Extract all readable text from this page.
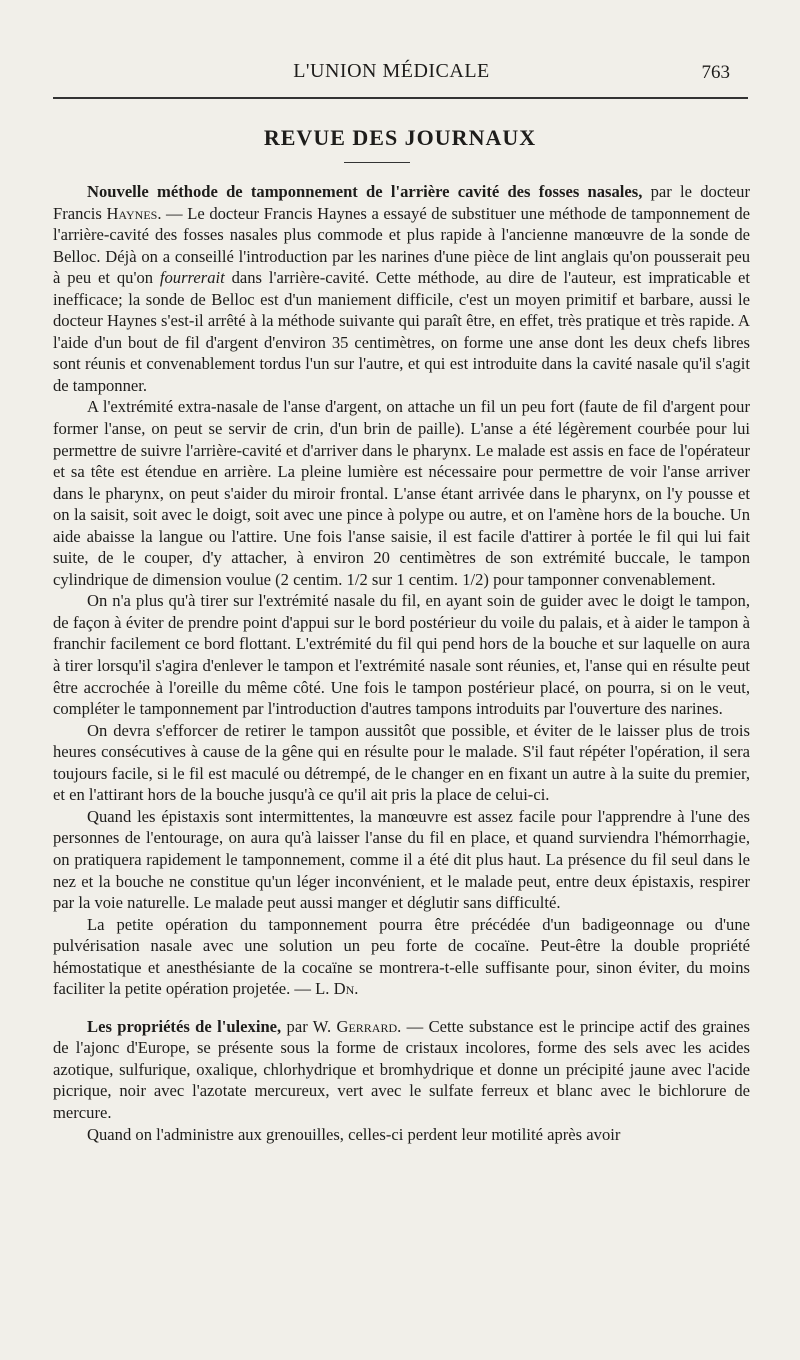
L'UNION MÉDICALE	763
REVUE DES JOURNAUX

Nouvelle méthode de tamponnement de l'arrière cavité des fosses nasales, par le docteur Francis Haynes. — Le docteur Francis Haynes a essayé de substituer une méthode de tamponnement de l'arrière-cavité des fosses nasales plus commode et plus rapide à l'ancienne manœuvre de la sonde de Belloc. Déjà on a conseillé l'introduction par les narines d'une pièce de lint anglais qu'on pousserait peu à peu et qu'on fourrerait dans l'arrière-cavité. Cette méthode, au dire de l'auteur, est impraticable et inefficace; la sonde de Belloc est d'un maniement difficile, c'est un moyen primitif et barbare, aussi le docteur Haynes s'est-il arrêté à la méthode suivante qui paraît être, en effet, très pratique et très rapide. A l'aide d'un bout de fil d'argent d'environ 35 centimètres, on forme une anse dont les deux chefs libres sont réunis et convenablement tordus l'un sur l'autre, et qui est introduite dans la cavité nasale qu'il s'agit de tamponner.

A l'extrémité extra-nasale de l'anse d'argent, on attache un fil un peu fort (faute de fil d'argent pour former l'anse, on peut se servir de crin, d'un brin de paille). L'anse a été légèrement courbée pour lui permettre de suivre l'arrière-cavité et d'arriver dans le pharynx. Le malade est assis en face de l'opérateur et sa tête est étendue en arrière. La pleine lumière est nécessaire pour permettre de voir l'anse arriver dans le pharynx, on peut s'aider du miroir frontal. L'anse étant arrivée dans le pharynx, on l'y pousse et on la saisit, soit avec le doigt, soit avec une pince à polype ou autre, et on l'amène hors de la bouche. Un aide abaisse la langue ou l'attire. Une fois l'anse saisie, il est facile d'attirer à portée le fil qui lui fait suite, de le couper, d'y attacher, à environ 20 centimètres de son extrémité buccale, le tampon cylindrique de dimension voulue (2 centim. 1/2 sur 1 centim. 1/2) pour tamponner convenablement.

On n'a plus qu'à tirer sur l'extrémité nasale du fil, en ayant soin de guider avec le doigt le tampon, de façon à éviter de prendre point d'appui sur le bord postérieur du voile du palais, et à aider le tampon à franchir facilement ce bord flottant. L'extrémité du fil qui pend hors de la bouche et sur laquelle on aura à tirer lorsqu'il s'agira d'enlever le tampon et l'extrémité nasale sont réunies, et, l'anse qui en résulte peut être accrochée à l'oreille du même côté. Une fois le tampon postérieur placé, on pourra, si on le veut, compléter le tamponnement par l'introduction d'autres tampons introduits par l'ouverture des narines.

On devra s'efforcer de retirer le tampon aussitôt que possible, et éviter de le laisser plus de trois heures consécutives à cause de la gêne qui en résulte pour le malade. S'il faut répéter l'opération, il sera toujours facile, si le fil est maculé ou détrempé, de le changer en en fixant un autre à la suite du premier, et en l'attirant hors de la bouche jusqu'à ce qu'il ait pris la place de celui-ci.

Quand les épistaxis sont intermittentes, la manœuvre est assez facile pour l'apprendre à l'une des personnes de l'entourage, on aura qu'à laisser l'anse du fil en place, et quand surviendra l'hémorrhagie, on pratiquera rapidement le tamponnement, comme il a été dit plus haut. La présence du fil seul dans le nez et la bouche ne constitue qu'un léger inconvénient, et le malade peut, entre deux épistaxis, respirer par la voie naturelle. Le malade peut aussi manger et déglutir sans difficulté.

La petite opération du tamponnement pourra être précédée d'un badigeonnage ou d'une pulvérisation nasale avec une solution un peu forte de cocaïne. Peut-être la double propriété hémostatique et anesthésiante de la cocaïne se montrera-t-elle suffisante pour, sinon éviter, du moins faciliter la petite opération projetée. — L. Dn.

Les propriétés de l'ulexine, par W. Gerrard. — Cette substance est le principe actif des graines de l'ajonc d'Europe, se présente sous la forme de cristaux incolores, forme des sels avec les acides azotique, sulfurique, oxalique, chlorhydrique et bromhydrique et donne un précipité jaune avec l'acide picrique, noir avec l'azotate mercureux, vert avec le sulfate ferreux et blanc avec le bichlorure de mercure.

Quand on l'administre aux grenouilles, celles-ci perdent leur motilité après avoir
